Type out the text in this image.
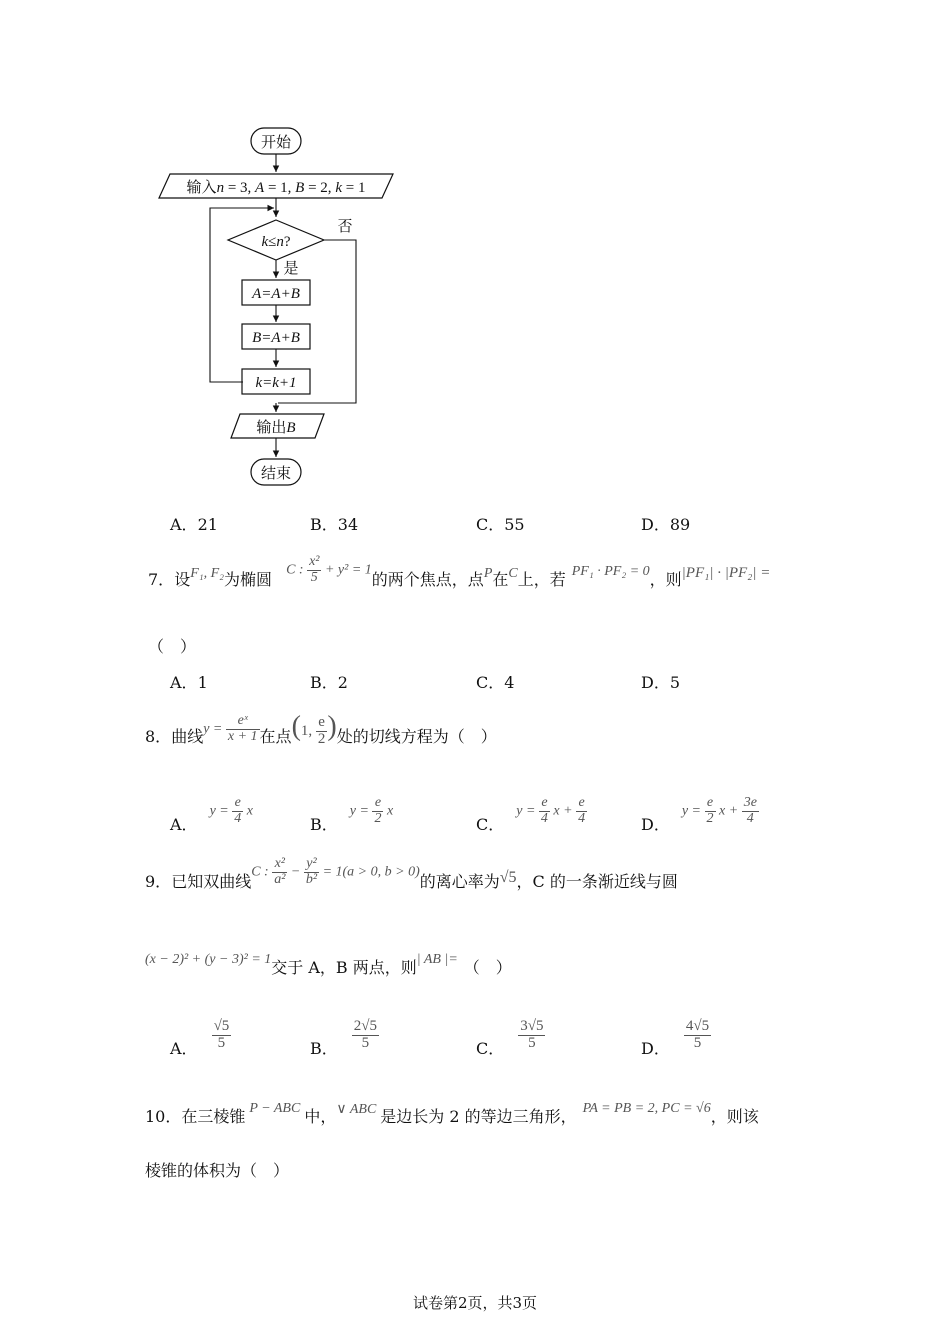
开始
输入n = 3, A = 1, B = 2, k = 1
k≤n?
否
是
A=A+B
B=A+B
k=k+1
输出B
结束
A．21	B．34	C．55	D．89
7． 设 F₁, F₂ 为椭圆 C : $\frac{\text{x²}}{5} + y^2 = 1$ 的两个焦点，点 P 在 C 上，若 PF₁ · PF₂ = 0 ，则 |PF₁| · |PF₂| =
（　）
A．1	B．2	C．4	D．5
8． 曲线 $y = \frac{\text{eˣ}}{x + 1}$ 在点 (1, $\frac{e}{2}$ ) 处的切线方程为（　）
A．
$y = \frac{e}{4}$ x
B．
$y = \frac{e}{2}$ x
C．
$y = \frac{e}{4}$ $x + \frac{e}{4}$	D．
$y = \frac{e}{2}$ $x + \frac{3e}{4}$
9． 已知双曲线 C : $\frac{\text{x²}}{\text{a²}} - \frac{\text{y²}}{\text{b²}} = 1(a > 0$, b > 0) 的离心率为 √5 ，C 的一条渐近线与圆
(x − 2)² + (y − 3)² = 1 交于 A，B 两点，则 | AB |= （　）
A． $\frac{√5}{5}$	B． $\frac{2√5}{5}$	C． $\frac{3√5}{5}$	D． $\frac{4√5}{5}$
10． 在三棱锥 P − ABC 中， ∨ ABC 是边长为 2 的等边三角形， PA = PB = 2, PC = √6 ，则该
棱锥的体积为（　）
试卷第2页，共3页
